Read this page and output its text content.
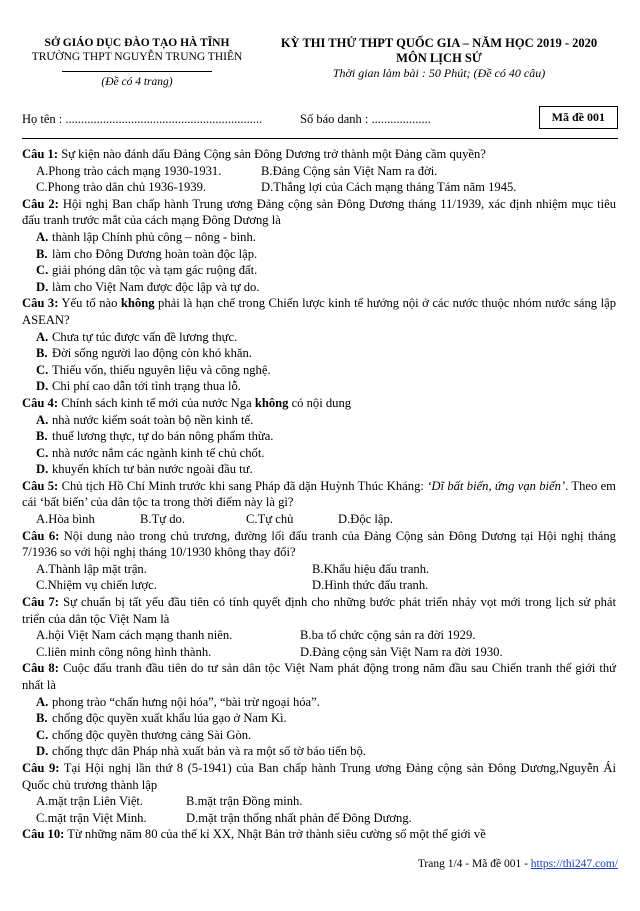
SỞ GIÁO DỤC ĐÀO TẠO HÀ TĨNH
TRƯỜNG THPT NGUYỄN TRUNG THIÊN
(Đề có 4 trang)
KỲ THI THỬ THPT QUỐC GIA – NĂM HỌC 2019 - 2020
MÔN LỊCH SỬ
Thời gian làm bài : 50 Phút; (Đề có 40 câu)
Họ tên : ...............................................................	Số báo danh : ...................	Mã đề 001
Câu 1: Sự kiện nào đánh dấu Đảng Cộng sản Đông Dương trở thành một Đảng cầm quyền?
A.Phong trào cách mạng 1930-1931.	B.Đảng Cộng sản Việt Nam ra đời.
C.Phong trào dân chủ 1936-1939.	D.Thắng lợi của Cách mạng tháng Tám năm 1945.
Câu 2: Hội nghị Ban chấp hành Trung ương Đảng cộng sản Đông Dương tháng 11/1939, xác định nhiệm mục tiêu đấu tranh trước mắt của cách mạng Đông Dương là
A. thành lập Chính phủ công – nông - binh.
B. làm cho Đông Dương hoàn toàn độc lập.
C. giải phóng dân tộc và tạm gác ruộng đất.
D. làm cho Việt Nam được độc lập và tự do.
Câu 3: Yếu tố nào không phải là hạn chế trong Chiến lược kinh tế hướng nội ở các nước thuộc nhóm nước sáng lập ASEAN?
A. Chưa tự túc được vấn đề lương thực.
B. Đời sống người lao động còn khó khăn.
C. Thiếu vốn, thiếu nguyên liệu và công nghệ.
D. Chi phí cao dẫn tới tình trạng thua lỗ.
Câu 4: Chính sách kinh tế mới của nước Nga không có nội dung
A. nhà nước kiểm soát toàn bộ nền kinh tế.
B. thuế lương thực, tự do bán nông phẩm thừa.
C. nhà nước nắm các ngành kinh tế chủ chốt.
D. khuyến khích tư bản nước ngoài đầu tư.
Câu 5: Chủ tịch Hồ Chí Minh trước khi sang Pháp đã dặn Huỳnh Thúc Kháng: ‘Dĩ bất biến, ứng vạn biến’. Theo em cái ‘bất biến’ của dân tộc ta trong thời điểm này là gì?
A.Hòa bình	B.Tự do.	C.Tự chủ	D.Độc lập.
Câu 6: Nội dung nào trong chủ trương, đường lối đấu tranh của Đảng Cộng sản Đông Dương tại Hội nghị tháng 7/1936 so với hội nghị tháng 10/1930 không thay đổi?
A.Thành lập mặt trận.	B.Khẩu hiệu đấu tranh.
C.Nhiệm vụ chiến lược.	D.Hình thức đấu tranh.
Câu 7: Sự chuẩn bị tất yếu đầu tiên có tính quyết định cho những bước phát triển nhảy vọt mới trong lịch sử phát triển của dân tộc Việt Nam là
A.hội Việt Nam cách mạng thanh niên.	B.ba tổ chức cộng sản ra đời 1929.
C.liên minh công nông hình thành.	D.Đảng cộng sản Việt Nam ra đời 1930.
Câu 8: Cuộc đấu tranh đầu tiên do tư sản dân tộc Việt Nam phát động trong năm đầu sau Chiến tranh thế giới thứ nhất là
A. phong trào “chấn hưng nội hóa”, “bài trừ ngoại hóa”.
B. chống độc quyền xuất khẩu lúa gạo ở Nam Kì.
C. chống độc quyền thương cảng Sài Gòn.
D. chống thực dân Pháp nhà xuất bản và ra một số tờ báo tiến bộ.
Câu 9: Tại Hội nghị lần thứ 8 (5-1941) của Ban chấp hành Trung ương Đảng cộng sản Đông Dương,Nguyễn Ái Quốc chủ trương thành lập
A.mặt trận Liên Việt.	B.mặt trận Đồng minh.
C.mặt trận Việt Minh.	D.mặt trận thống nhất phản đế Đông Dương.
Câu 10: Từ những năm 80 của thế kỉ XX, Nhật Bản trở thành siêu cường số một thế giới về
Trang 1/4 - Mã đề 001 - https://thi247.com/
